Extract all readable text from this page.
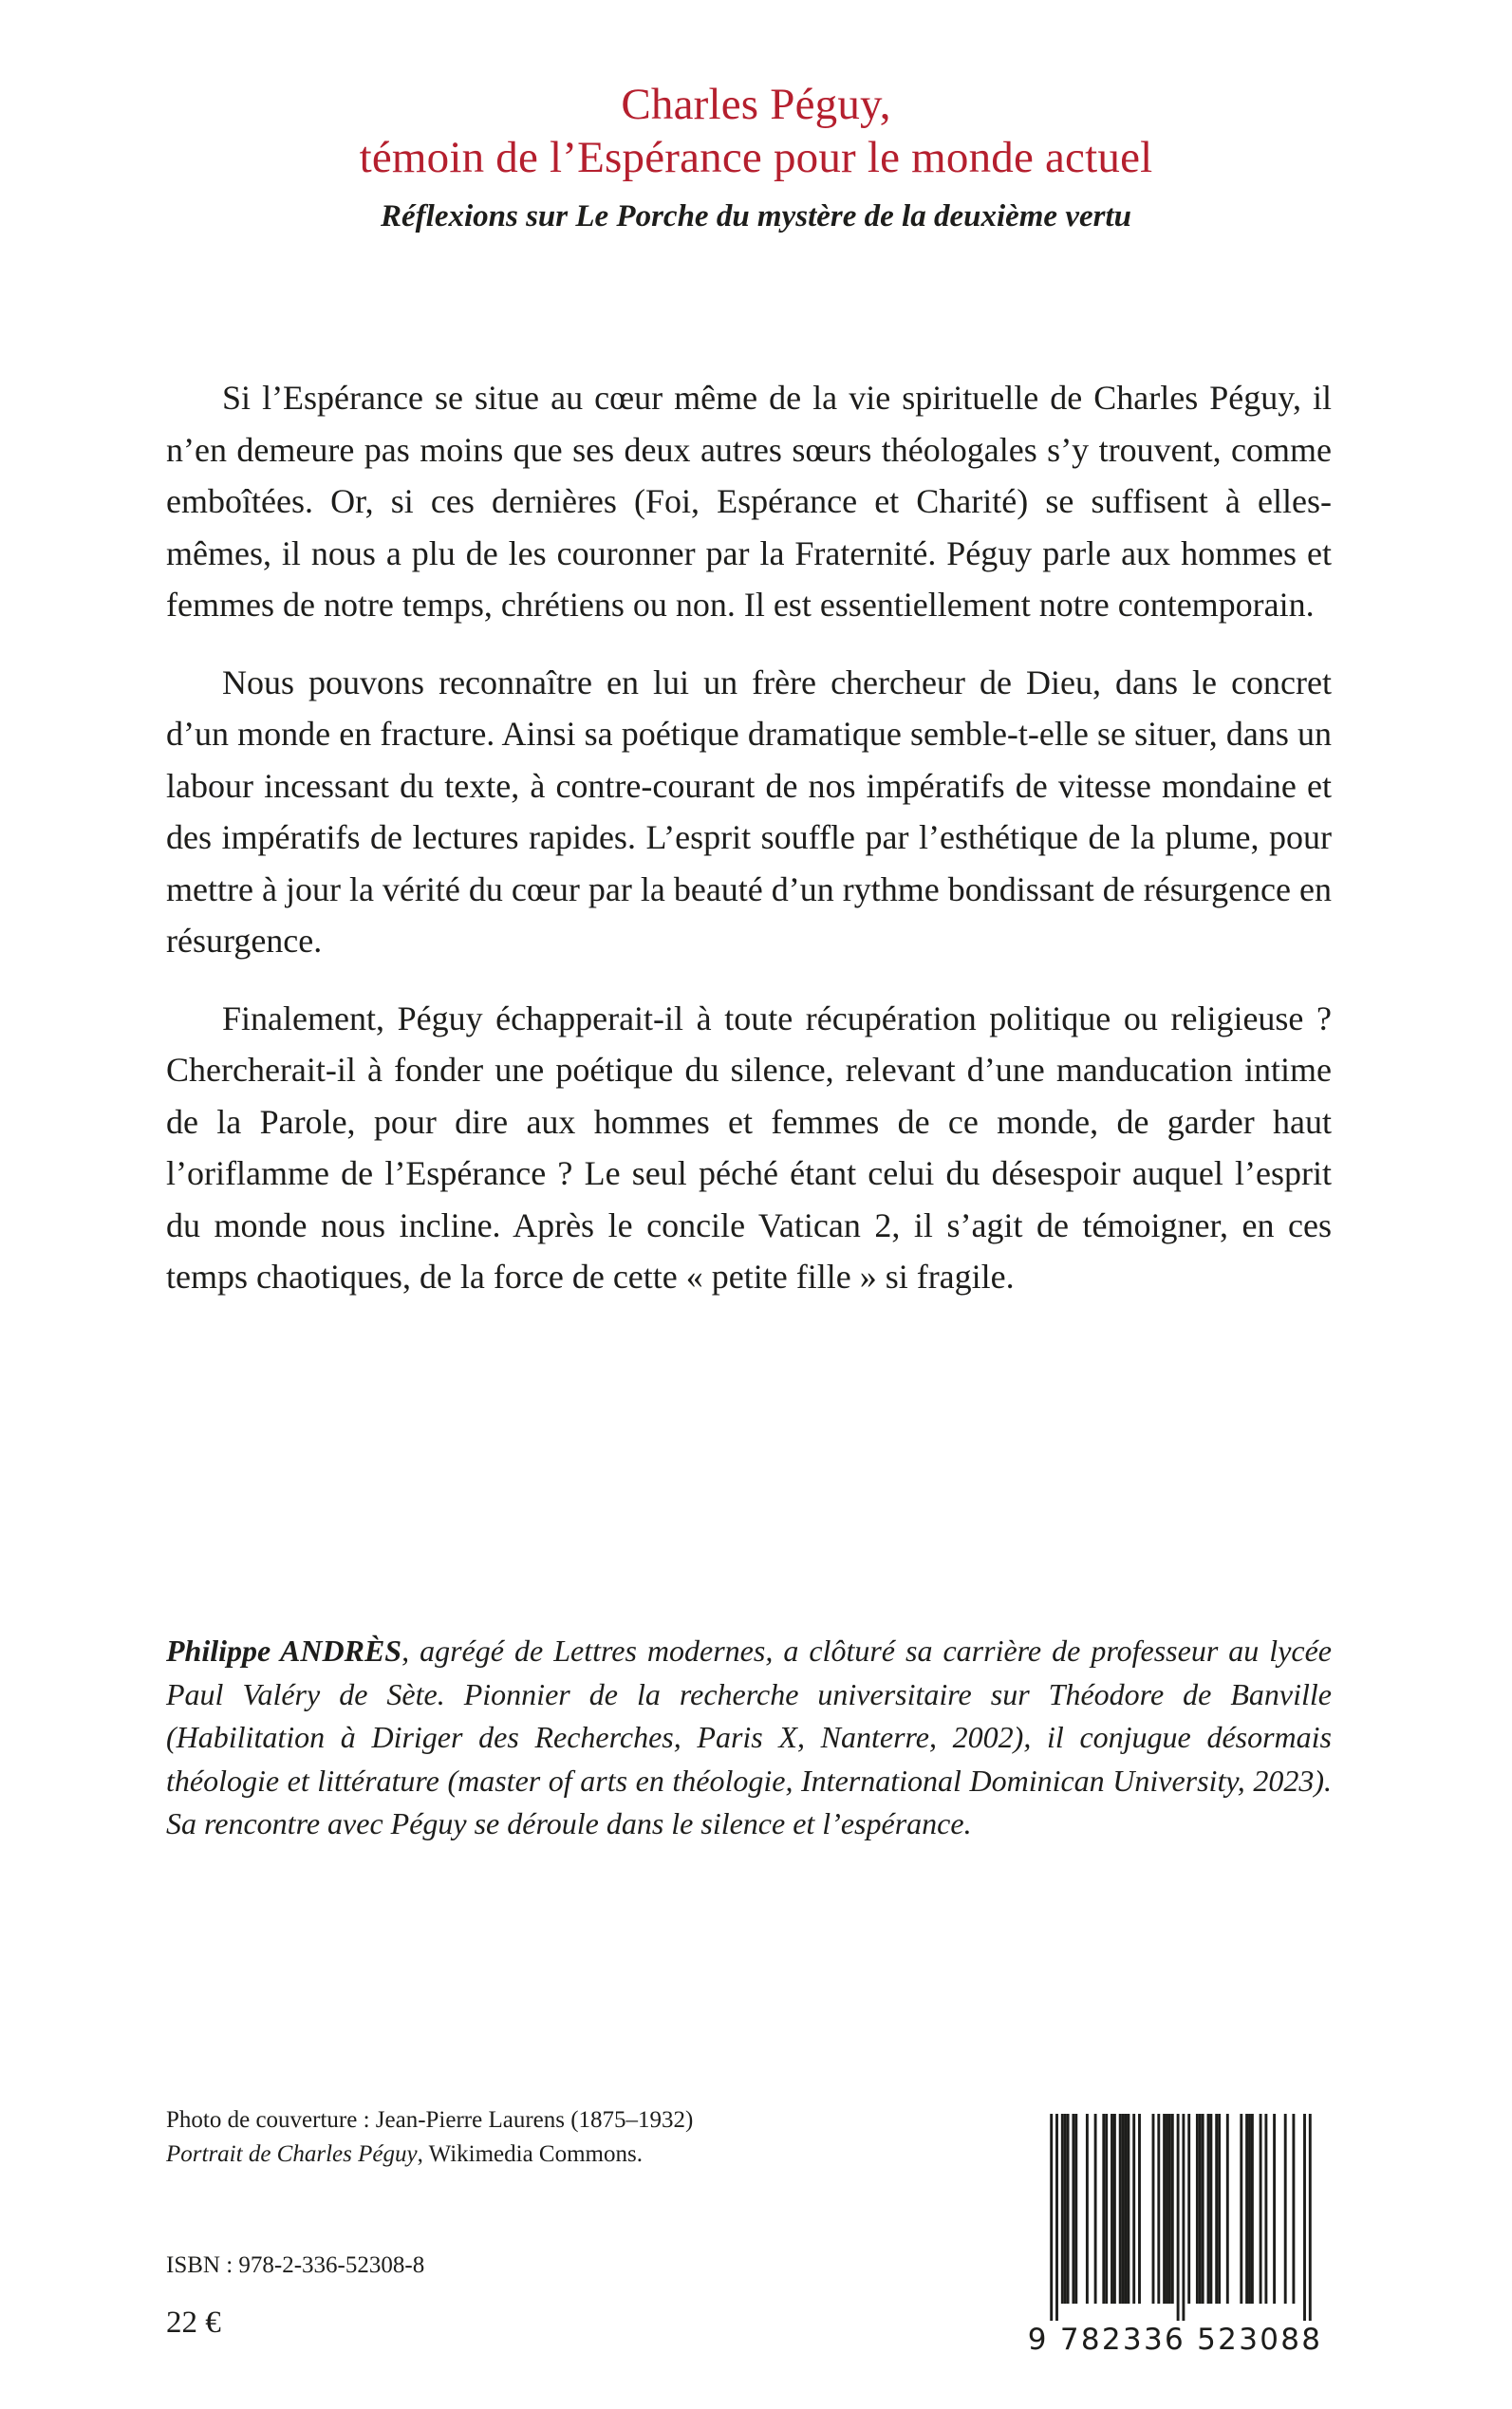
Charles Péguy,
témoin de l’Espérance pour le monde actuel
Réflexions sur Le Porche du mystère de la deuxième vertu

Si l’Espérance se situe au cœur même de la vie spirituelle de Charles Péguy, il n’en demeure pas moins que ses deux autres sœurs théologales s’y trouvent, comme emboîtées. Or, si ces dernières (Foi, Espérance et Charité) se suffisent à elles-mêmes, il nous a plu de les couronner par la Fraternité. Péguy parle aux hommes et femmes de notre temps, chrétiens ou non. Il est essentiellement notre contemporain.

Nous pouvons reconnaître en lui un frère chercheur de Dieu, dans le concret d’un monde en fracture. Ainsi sa poétique dramatique semble-t-elle se situer, dans un labour incessant du texte, à contre-courant de nos impératifs de vitesse mondaine et des impératifs de lectures rapides. L’esprit souffle par l’esthétique de la plume, pour mettre à jour la vérité du cœur par la beauté d’un rythme bondissant de résurgence en résurgence.

Finalement, Péguy échapperait-il à toute récupération politique ou religieuse ? Chercherait-il à fonder une poétique du silence, relevant d’une manducation intime de la Parole, pour dire aux hommes et femmes de ce monde, de garder haut l’oriflamme de l’Espérance ? Le seul péché étant celui du désespoir auquel l’esprit du monde nous incline. Après le concile Vatican 2, il s’agit de témoigner, en ces temps chaotiques, de la force de cette « petite fille » si fragile.

Philippe ANDRÈS, agrégé de Lettres modernes, a clôturé sa carrière de professeur au lycée Paul Valéry de Sète. Pionnier de la recherche universitaire sur Théodore de Banville (Habilitation à Diriger des Recherches, Paris X, Nanterre, 2002), il conjugue désormais théologie et littérature (master of arts en théologie, International Dominican University, 2023). Sa rencontre avec Péguy se déroule dans le silence et l’espérance.

Photo de couverture : Jean-Pierre Laurens (1875–1932) Portrait de Charles Péguy, Wikimedia Commons.

ISBN : 978-2-336-52308-8

22 €	9 782336 523088
